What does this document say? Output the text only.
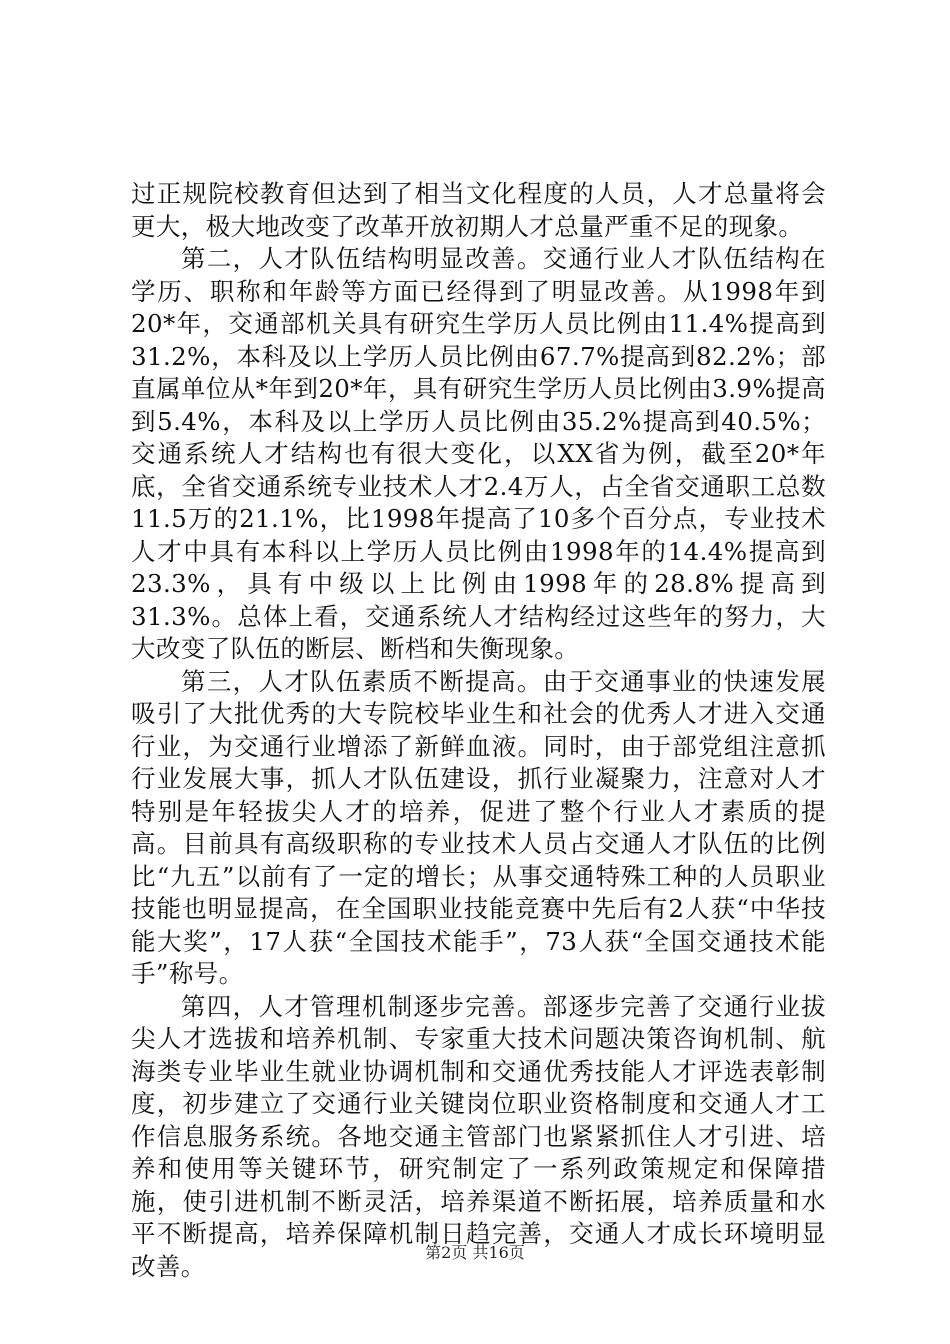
过正规院校教育但达到了相当文化程度的人员，人才总量将会更大，极大地改变了改革开放初期人才总量严重不足的现象。

第二，人才队伍结构明显改善。交通行业人才队伍结构在学历、职称和年龄等方面已经得到了明显改善。从1998年到20*年，交通部机关具有研究生学历人员比例由11.4%提高到31.2%，本科及以上学历人员比例由67.7%提高到82.2%；部直属单位从*年到20*年，具有研究生学历人员比例由3.9%提高到5.4%，本科及以上学历人员比例由35.2%提高到40.5%；交通系统人才结构也有很大变化，以XX省为例，截至20*年底，全省交通系统专业技术人才2.4万人，占全省交通职工总数11.5万的21.1%，比1998年提高了10多个百分点，专业技术人才中具有本科以上学历人员比例由1998年的14.4%提高到23.3%，具有中级以上比例由1998年的28.8%提高到31.3%。总体上看，交通系统人才结构经过这些年的努力，大大改变了队伍的断层、断档和失衡现象。

第三，人才队伍素质不断提高。由于交通事业的快速发展吸引了大批优秀的大专院校毕业生和社会的优秀人才进入交通行业，为交通行业增添了新鲜血液。同时，由于部党组注意抓行业发展大事，抓人才队伍建设，抓行业凝聚力，注意对人才特别是年轻拔尖人才的培养，促进了整个行业人才素质的提高。目前具有高级职称的专业技术人员占交通人才队伍的比例比“九五”以前有了一定的增长；从事交通特殊工种的人员职业技能也明显提高，在全国职业技能竞赛中先后有2人获“中华技能大奖”，17人获“全国技术能手”，73人获“全国交通技术能手”称号。

第四，人才管理机制逐步完善。部逐步完善了交通行业拔尖人才选拔和培养机制、专家重大技术问题决策咨询机制、航海类专业毕业生就业协调机制和交通优秀技能人才评选表彰制度，初步建立了交通行业关键岗位职业资格制度和交通人才工作信息服务系统。各地交通主管部门也紧紧抓住人才引进、培养和使用等关键环节，研究制定了一系列政策规定和保障措施，使引进机制不断灵活，培养渠道不断拓展，培养质量和水平不断提高，培养保障机制日趋完善，交通人才成长环境明显改善。	第2页 共16页
